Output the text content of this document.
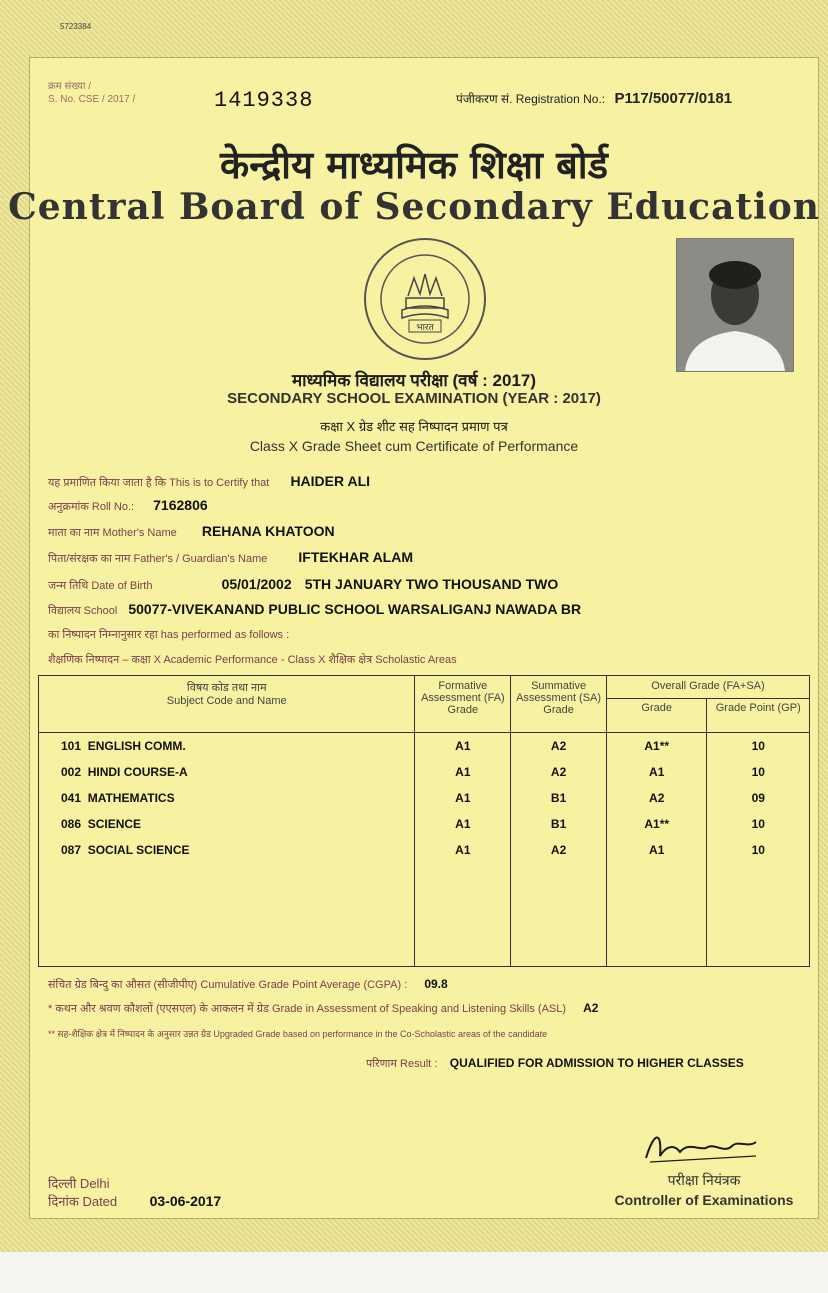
5723384
क्रम संख्या /
S. No. CSE / 2017 /	1419338	पंजीकरण सं. Registration No.: P117/50077/0181
केन्द्रीय माध्यमिक शिक्षा बोर्ड
Central Board of Secondary Education
भारत
माध्यमिक विद्यालय परीक्षा (वर्ष : 2017)
SECONDARY SCHOOL EXAMINATION (YEAR : 2017)
कक्षा X ग्रेड शीट सह निष्पादन प्रमाण पत्र
Class X Grade Sheet cum Certificate of Performance
यह प्रमाणित किया जाता है कि This is to Certify that HAIDER ALI
अनुक्रमांक Roll No.: 7162806
माता का नाम Mother's Name REHANA KHATOON
पिता/संरक्षक का नाम Father's / Guardian's Name IFTEKHAR ALAM
जन्म तिथि Date of Birth	05/01/2002 5TH JANUARY TWO THOUSAND TWO
विद्यालय School 50077-VIVEKANAND PUBLIC SCHOOL WARSALIGANJ NAWADA BR
का निष्पादन निम्नानुसार रहा has performed as follows :
शैक्षणिक निष्पादन – कक्षा X Academic Performance - Class X शैक्षिक क्षेत्र Scholastic Areas
विषय कोड तथा नाम
Subject Code and Name	Formative Assessment (FA) Grade	Summative Assessment (SA) Grade	Overall Grade (FA+SA)	
			Grade	Grade Point (GP)
101 ENGLISH COMM.	A1	A2	A1**	10
002 HINDI COURSE-A	A1	A2	A1	10
041 MATHEMATICS	A1	B1	A2	09
086 SCIENCE	A1	B1	A1**	10
087 SOCIAL SCIENCE	A1	A2	A1	10

संचित ग्रेड बिन्दु का औसत (सीजीपीए) Cumulative Grade Point Average (CGPA) : 09.8
* कथन और श्रवण कौशलों (एएसएल) के आकलन में ग्रेड Grade in Assessment of Speaking and Listening Skills (ASL) A2
** सह-शैक्षिक क्षेत्र में निष्पादन के अनुसार उन्नत ग्रेड Upgraded Grade based on performance in the Co-Scholastic areas of the candidate
परिणाम Result : QUALIFIED FOR ADMISSION TO HIGHER CLASSES
दिल्ली Delhi
दिनांक Dated 03-06-2017
परीक्षा नियंत्रक
Controller of Examinations
